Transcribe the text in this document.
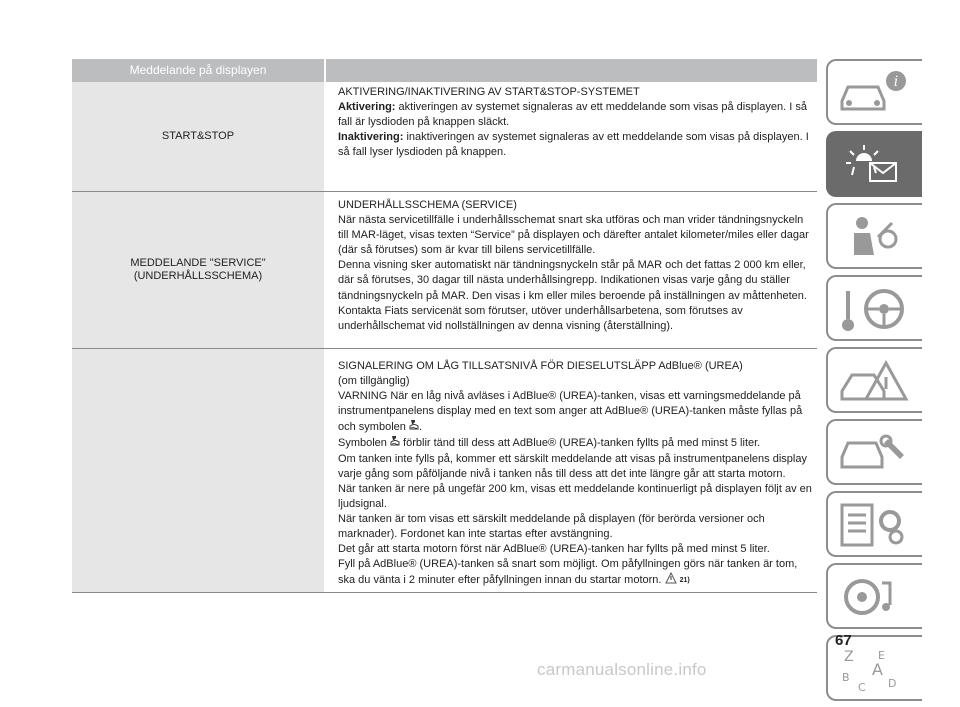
Meddelande på displayen
START&STOP

AKTIVERING/INAKTIVERING AV START&STOP-SYSTEMET

Aktivering: aktiveringen av systemet signaleras av ett meddelande som visas på displayen. I så fall är lysdioden på knappen släckt.

Inaktivering: inaktiveringen av systemet signaleras av ett meddelande som visas på displayen. I så fall lyser lysdioden på knappen.

MEDDELANDE "SERVICE"
(UNDERHÅLLSSCHEMA)

UNDERHÅLLSSCHEMA (SERVICE)

När nästa servicetillfälle i underhållsschemat snart ska utföras och man vrider tändningsnyckeln till MAR-läget, visas texten “Service” på displayen och därefter antalet kilometer/miles eller dagar (där så förutses) som är kvar till bilens servicetillfälle.

Denna visning sker automatiskt när tändningsnyckeln står på MAR och det fattas 2 000 km eller, där så förutses, 30 dagar till nästa underhållsingrepp. Indikationen visas varje gång du ställer tändningsnyckeln på MAR. Den visas i km eller miles beroende på inställningen av måttenheten.

Kontakta Fiats servicenät som förutser, utöver underhållsarbetena, som förutses av underhållschemat vid nollställningen av denna visning (återställning).

SIGNALERING OM LÅG TILLSATSNIVÅ FÖR DIESELUTSLÄPP AdBlue® (UREA)

(om tillgänglig)

VARNING När en låg nivå avläses i AdBlue® (UREA)-tanken, visas ett varningsmeddelande på instrumentpanelens display med en text som anger att AdBlue® (UREA)-tanken måste fyllas på och symbolen .

Symbolen  förblir tänd till dess att AdBlue® (UREA)-tanken fyllts på med minst 5 liter.

Om tanken inte fylls på, kommer ett särskilt meddelande att visas på instrumentpanelens display varje gång som påföljande nivå i tanken nås till dess att det inte längre går att starta motorn.

När tanken är nere på ungefär 200 km, visas ett meddelande kontinuerligt på displayen följt av en ljudsignal.

När tanken är tom visas ett särskilt meddelande på displayen (för berörda versioner och marknader). Fordonet kan inte startas efter avstängning.

Det går att starta motorn först när AdBlue® (UREA)-tanken har fyllts på med minst 5 liter.

Fyll på AdBlue® (UREA)-tanken så snart som möjligt. Om påfyllningen görs när tanken är tom, ska du vänta i 2 minuter efter påfyllningen innan du startar motorn.	21)

i
Z E
B A
C D
67
carmanualsonline.info
